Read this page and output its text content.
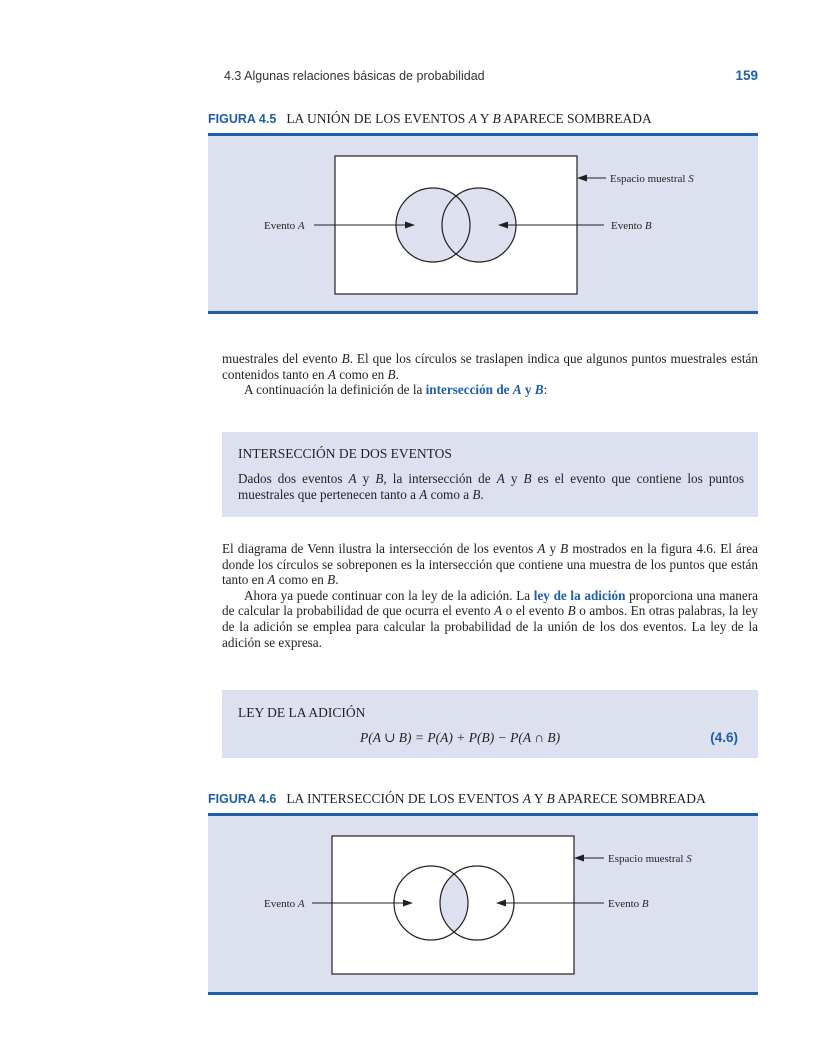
4.3 Algunas relaciones básicas de probabilidad	159
FIGURA 4.5 LA UNIÓN DE LOS EVENTOS A Y B APARECE SOMBREADA
Evento A	Evento B
Espacio muestral S

muestrales del evento B. El que los círculos se traslapen indica que algunos puntos muestrales están contenidos tanto en A como en B.

A continuación la definición de la intersección de A y B:

INTERSECCIÓN DE DOS EVENTOS
Dados dos eventos A y B, la intersección de A y B es el evento que contiene los puntos muestrales que pertenecen tanto a A como a B.

El diagrama de Venn ilustra la intersección de los eventos A y B mostrados en la figura 4.6. El área donde los círculos se sobreponen es la intersección que contiene una muestra de los puntos que están tanto en A como en B.

Ahora ya puede continuar con la ley de la adición. La ley de la adición proporciona una manera de calcular la probabilidad de que ocurra el evento A o el evento B o ambos. En otras palabras, la ley de la adición se emplea para calcular la probabilidad de la unión de los dos eventos. La ley de la adición se expresa.

LEY DE LA ADICIÓN
P(A ∪ B) = P(A) + P(B) − P(A ∩ B)	(4.6)
FIGURA 4.6 LA INTERSECCIÓN DE LOS EVENTOS A Y B APARECE SOMBREADA
Evento A	Evento B
Espacio muestral S
